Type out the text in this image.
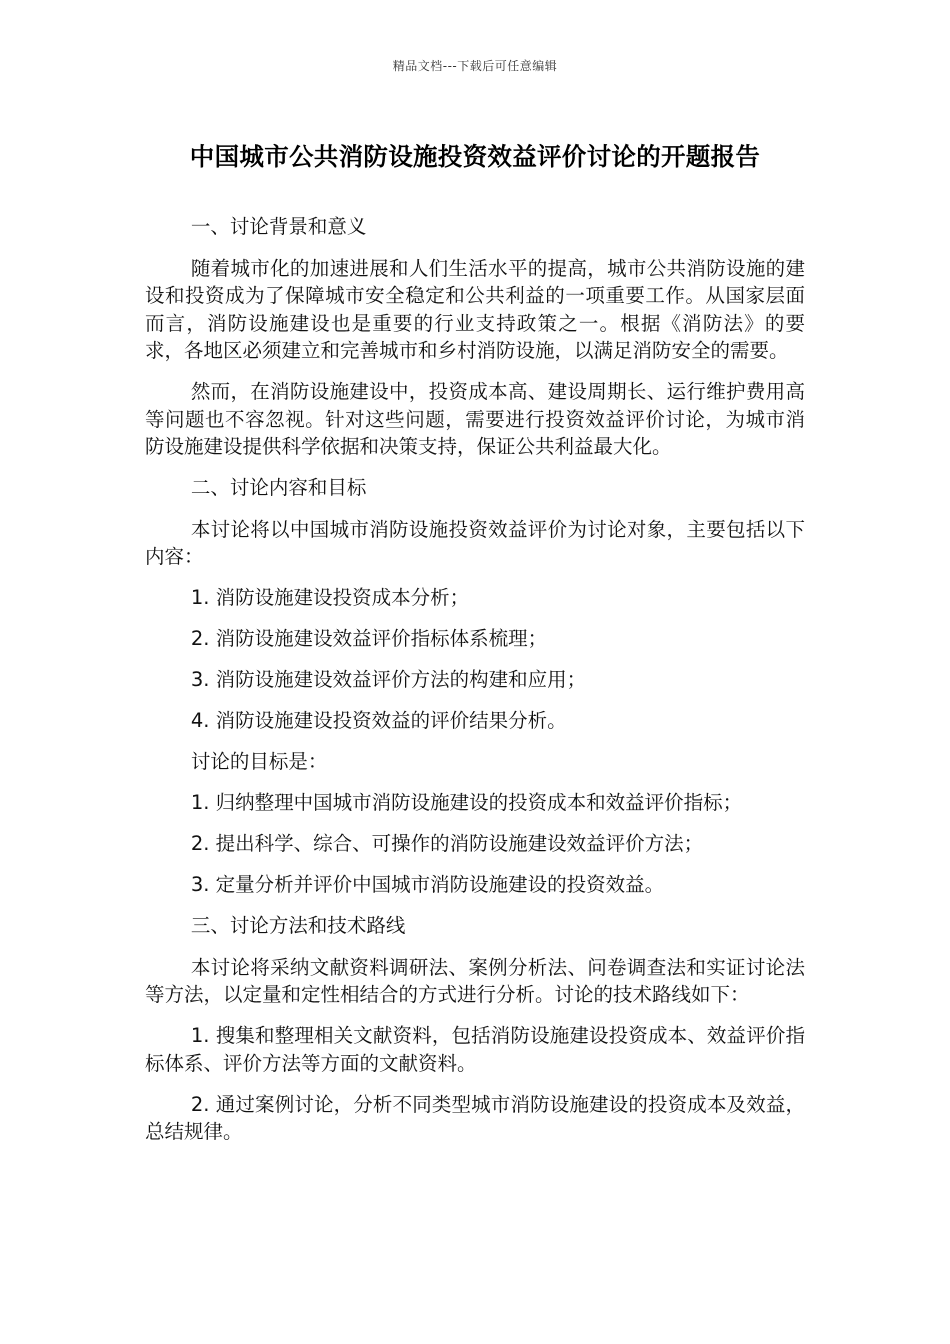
精品文档---下载后可任意编辑
中国城市公共消防设施投资效益评价讨论的开题报告

一、讨论背景和意义

随着城市化的加速进展和人们生活水平的提高，城市公共消防设施的建设和投资成为了保障城市安全稳定和公共利益的一项重要工作。从国家层面而言，消防设施建设也是重要的行业支持政策之一。根据《消防法》的要求，各地区必须建立和完善城市和乡村消防设施，以满足消防安全的需要。

然而，在消防设施建设中，投资成本高、建设周期长、运行维护费用高等问题也不容忽视。针对这些问题，需要进行投资效益评价讨论，为城市消防设施建设提供科学依据和决策支持，保证公共利益最大化。

二、讨论内容和目标

本讨论将以中国城市消防设施投资效益评价为讨论对象，主要包括以下内容：

1. 消防设施建设投资成本分析；

2. 消防设施建设效益评价指标体系梳理；

3. 消防设施建设效益评价方法的构建和应用；

4. 消防设施建设投资效益的评价结果分析。

讨论的目标是：

1. 归纳整理中国城市消防设施建设的投资成本和效益评价指标；

2. 提出科学、综合、可操作的消防设施建设效益评价方法；

3. 定量分析并评价中国城市消防设施建设的投资效益。

三、讨论方法和技术路线

本讨论将采纳文献资料调研法、案例分析法、问卷调查法和实证讨论法等方法，以定量和定性相结合的方式进行分析。讨论的技术路线如下：

1. 搜集和整理相关文献资料，包括消防设施建设投资成本、效益评价指标体系、评价方法等方面的文献资料。

2. 通过案例讨论，分析不同类型城市消防设施建设的投资成本及效益，总结规律。
